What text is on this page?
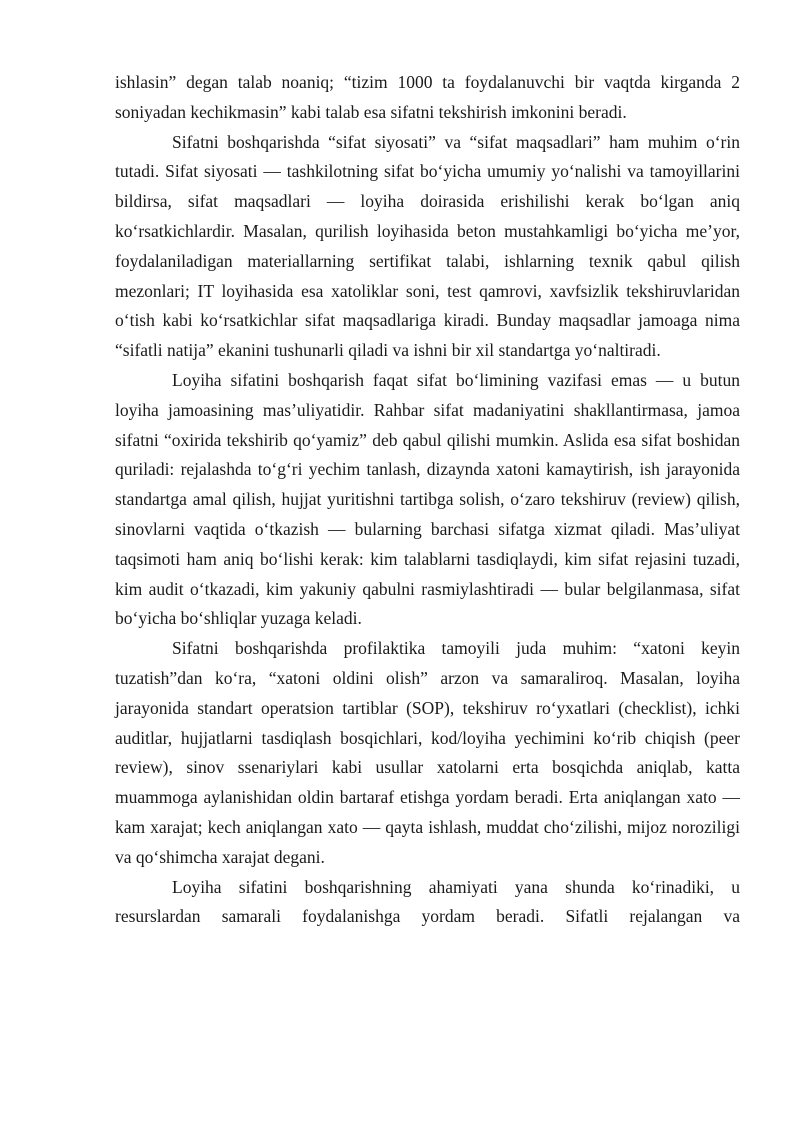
ishlasin” degan talab noaniq; “tizim 1000 ta foydalanuvchi bir vaqtda kirganda 2 soniyadan kechikmasin” kabi talab esa sifatni tekshirish imkonini beradi.

Sifatni boshqarishda “sifat siyosati” va “sifat maqsadlari” ham muhim o‘rin tutadi. Sifat siyosati — tashkilotning sifat bo‘yicha umumiy yo‘nalishi va tamoyillarini bildirsa, sifat maqsadlari — loyiha doirasida erishilishi kerak bo‘lgan aniq ko‘rsatkichlardir. Masalan, qurilish loyihasida beton mustahkamligi bo‘yicha me’yor, foydalaniladigan materiallarning sertifikat talabi, ishlarning texnik qabul qilish mezonlari; IT loyihasida esa xatoliklar soni, test qamrovi, xavfsizlik tekshiruvlaridan o‘tish kabi ko‘rsatkichlar sifat maqsadlariga kiradi. Bunday maqsadlar jamoaga nima “sifatli natija” ekanini tushunarli qiladi va ishni bir xil standartga yo‘naltiradi.

Loyiha sifatini boshqarish faqat sifat bo‘limining vazifasi emas — u butun loyiha jamoasining mas’uliyatidir. Rahbar sifat madaniyatini shakllantirmasa, jamoa sifatni “oxirida tekshirib qo‘yamiz” deb qabul qilishi mumkin. Aslida esa sifat boshidan quriladi: rejalashda to‘g‘ri yechim tanlash, dizaynda xatoni kamaytirish, ish jarayonida standartga amal qilish, hujjat yuritishni tartibga solish, o‘zaro tekshiruv (review) qilish, sinovlarni vaqtida o‘tkazish — bularning barchasi sifatga xizmat qiladi. Mas’uliyat taqsimoti ham aniq bo‘lishi kerak: kim talablarni tasdiqlaydi, kim sifat rejasini tuzadi, kim audit o‘tkazadi, kim yakuniy qabulni rasmiylashtiradi — bular belgilanmasa, sifat bo‘yicha bo‘shliqlar yuzaga keladi.

Sifatni boshqarishda profilaktika tamoyili juda muhim: “xatoni keyin tuzatish”dan ko‘ra, “xatoni oldini olish” arzon va samaraliroq. Masalan, loyiha jarayonida standart operatsion tartiblar (SOP), tekshiruv ro‘yxatlari (checklist), ichki auditlar, hujjatlarni tasdiqlash bosqichlari, kod/loyiha yechimini ko‘rib chiqish (peer review), sinov ssenariylari kabi usullar xatolarni erta bosqichda aniqlab, katta muammoga aylanishidan oldin bartaraf etishga yordam beradi. Erta aniqlangan xato — kam xarajat; kech aniqlangan xato — qayta ishlash, muddat cho‘zilishi, mijoz noroziligi va qo‘shimcha xarajat degani.

Loyiha sifatini boshqarishning ahamiyati yana shunda ko‘rinadiki, u resurslardan samarali foydalanishga yordam beradi. Sifatli rejalangan va
